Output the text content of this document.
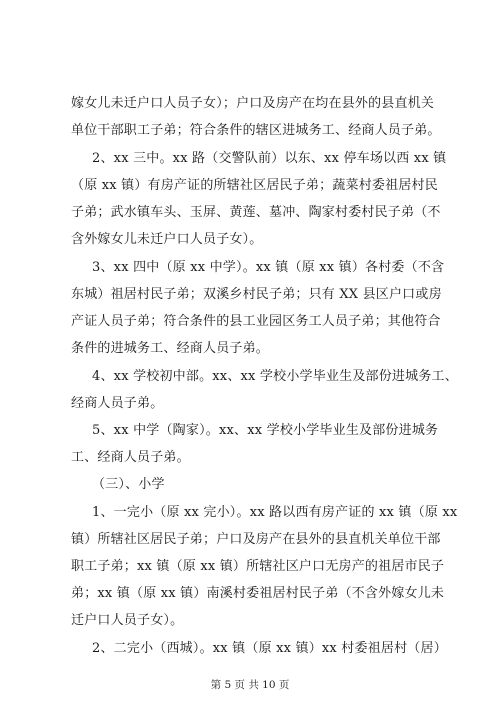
嫁女儿未迁户口人员子女）；户口及房产在均在县外的县直机关
单位干部职工子弟；符合条件的辖区进城务工、经商人员子弟。
2、xx 三中。xx 路（交警队前）以东、xx 停车场以西 xx 镇
（原 xx 镇）有房产证的所辖社区居民子弟；蔬菜村委祖居村民
子弟；武水镇车头、玉屏、黄莲、墓冲、陶家村委村民子弟（不
含外嫁女儿未迁户口人员子女）。
3、xx 四中（原 xx 中学）。xx 镇（原 xx 镇）各村委（不含
东城）祖居村民子弟；双溪乡村民子弟；只有 XX 县区户口或房
产证人员子弟；符合条件的县工业园区务工人员子弟；其他符合
条件的进城务工、经商人员子弟。
4、xx 学校初中部。xx、xx 学校小学毕业生及部份进城务工、
经商人员子弟。
5、xx 中学（陶家）。xx、xx 学校小学毕业生及部份进城务
工、经商人员子弟。
（三）、小学
1、一完小（原 xx 完小）。xx 路以西有房产证的 xx 镇（原 xx
镇）所辖社区居民子弟；户口及房产在县外的县直机关单位干部
职工子弟；xx 镇（原 xx 镇）所辖社区户口无房产的祖居市民子
弟；xx 镇（原 xx 镇）南溪村委祖居村民子弟（不含外嫁女儿未
迁户口人员子女）。
2、二完小（西城）。xx 镇（原 xx 镇）xx 村委祖居村（居）
第 5 页 共 10 页
